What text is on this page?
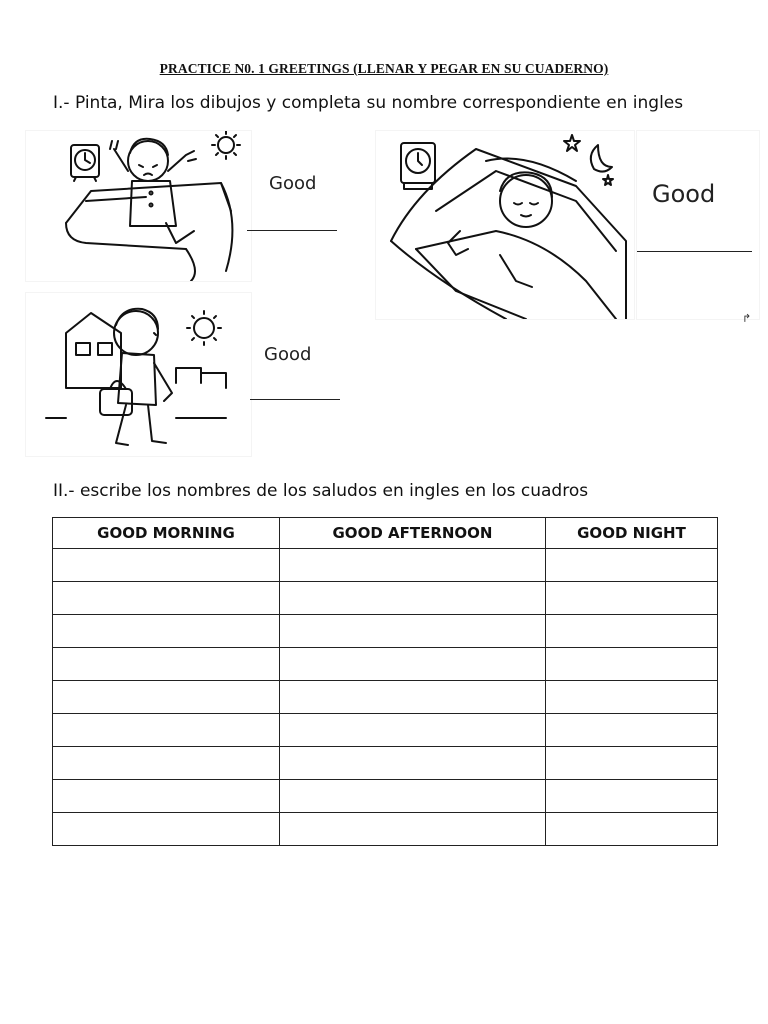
PRACTICE N0. 1 GREETINGS (LLENAR Y PEGAR EN SU CUADERNO)
I.- Pinta, Mira los dibujos y completa su nombre correspondiente en ingles
Good	Good
↱
Good
II.- escribe los nombres de los saludos en ingles en los cuadros
GOOD MORNING	GOOD AFTERNOON	GOOD NIGHT
